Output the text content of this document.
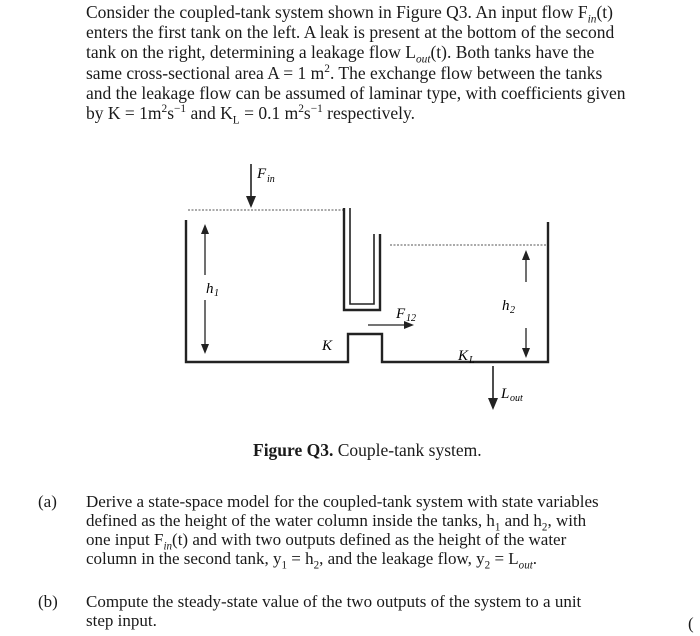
Consider the coupled-tank system shown in Figure Q3. An input flow $F_{in}(t)$
enters the first tank on the left. A leak is present at the bottom of the second
tank on the right, determining a leakage flow $L_{out}(t)$. Both tanks have the
same cross-sectional area A = 1 $m^2$. The exchange flow between the tanks
and the leakage flow can be assumed of laminar type, with coefficients given
by $K = 1m^2s^{-1}$ and $K_L = 0.1$ $m^2s^{-1}$ respectively.
F in
h 1
h 2
F 12
K
K L
L out
Figure Q3. Couple-tank system.
(a) Derive a state-space model for the coupled-tank system with state variables
defined as the height of the water column inside the tanks, $h_1$ and $h_2$, with
one input $F_{in}(t)$ and with two outputs defined as the height of the water
column in the second tank, $y_1 = h_2$, and the leakage flow, $y_2 = L_{out}$.
(b) Compute the steady-state value of the two outputs of the system to a unit
step input.	(
